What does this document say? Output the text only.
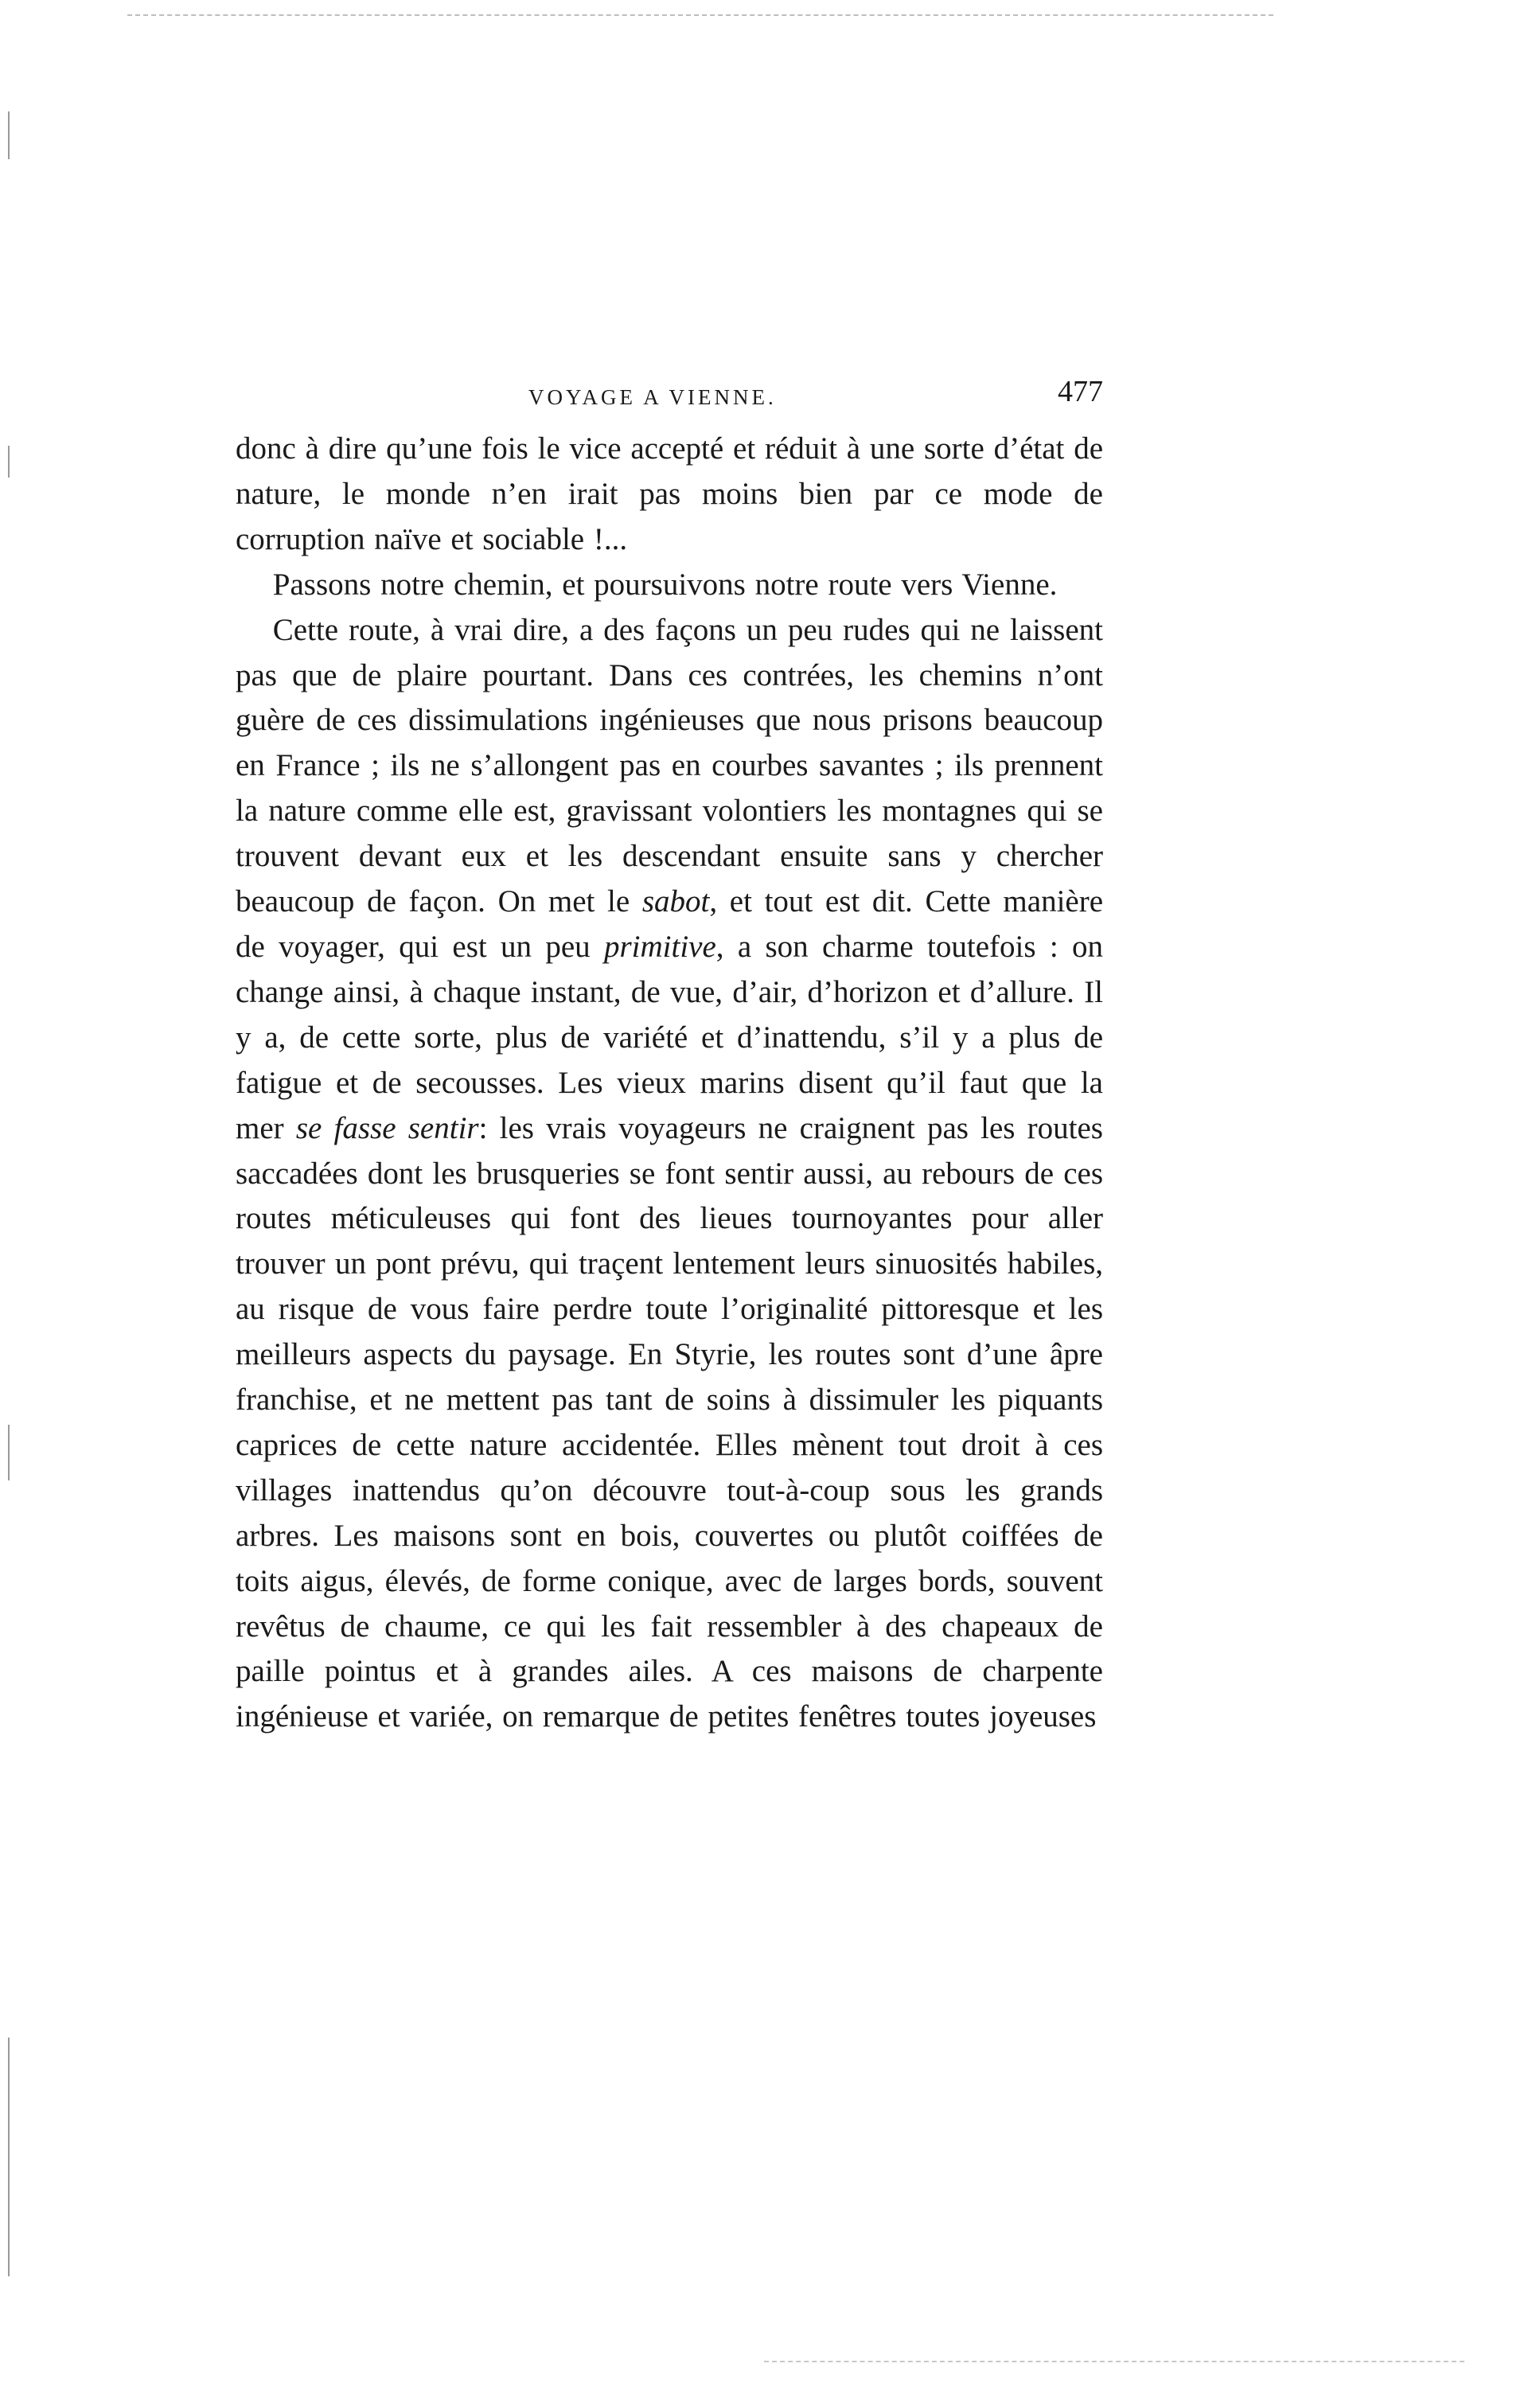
VOYAGE A VIENNE.	477

donc à dire qu’une fois le vice accepté et réduit à une sorte d’état de nature, le monde n’en irait pas moins bien par ce mode de corruption naïve et sociable !...

Passons notre chemin, et poursuivons notre route vers Vienne.

Cette route, à vrai dire, a des façons un peu rudes qui ne laissent pas que de plaire pourtant. Dans ces contrées, les chemins n’ont guère de ces dissimulations ingénieuses que nous prisons beaucoup en France ; ils ne s’allongent pas en courbes savantes ; ils prennent la nature comme elle est, gravissant volontiers les montagnes qui se trouvent devant eux et les descendant ensuite sans y chercher beaucoup de façon. On met le sabot, et tout est dit. Cette manière de voyager, qui est un peu primitive, a son charme toutefois : on change ainsi, à chaque instant, de vue, d’air, d’horizon et d’allure. Il y a, de cette sorte, plus de variété et d’inattendu, s’il y a plus de fatigue et de secousses. Les vieux marins disent qu’il faut que la mer se fasse sentir: les vrais voyageurs ne craignent pas les routes saccadées dont les brusqueries se font sentir aussi, au rebours de ces routes méticuleuses qui font des lieues tournoyantes pour aller trouver un pont prévu, qui traçent lentement leurs sinuosités habiles, au risque de vous faire perdre toute l’originalité pittoresque et les meilleurs aspects du paysage. En Styrie, les routes sont d’une âpre franchise, et ne mettent pas tant de soins à dissimuler les piquants caprices de cette nature accidentée. Elles mènent tout droit à ces villages inattendus qu’on découvre tout-à-coup sous les grands arbres. Les maisons sont en bois, couvertes ou plutôt coiffées de toits aigus, élevés, de forme conique, avec de larges bords, souvent revêtus de chaume, ce qui les fait ressembler à des chapeaux de paille pointus et à grandes ailes. A ces maisons de charpente ingénieuse et variée, on remarque de petites fenêtres toutes joyeuses
